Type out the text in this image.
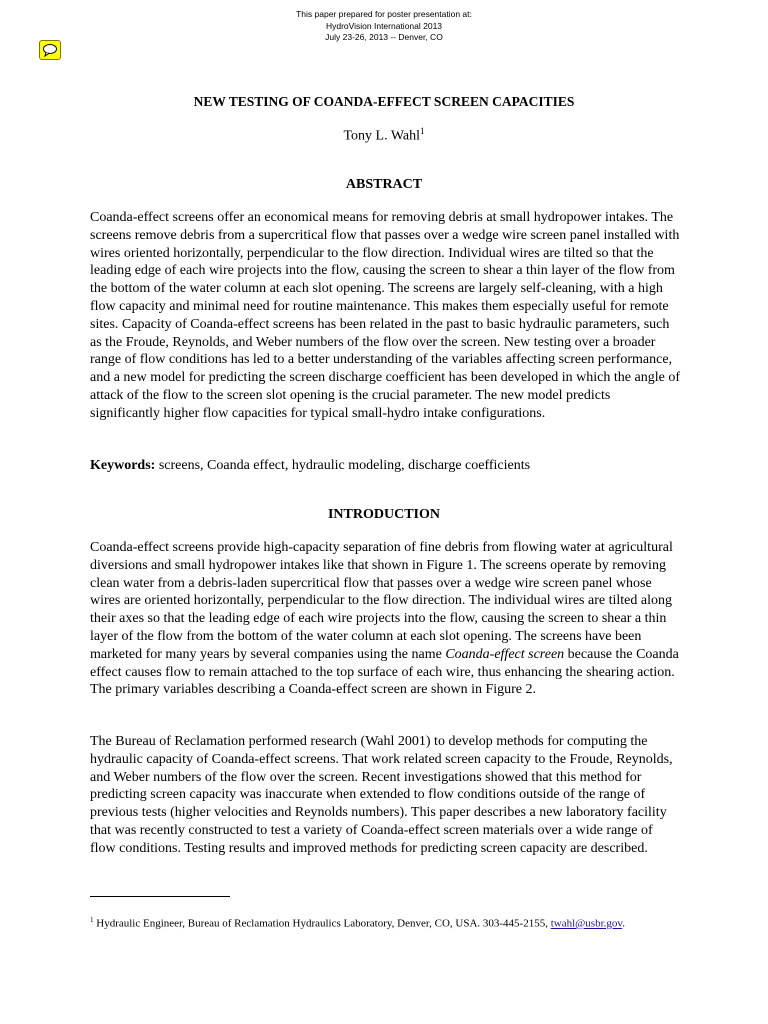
This paper prepared for poster presentation at:
HydroVision International 2013
July 23-26, 2013 -- Denver, CO
NEW TESTING OF COANDA-EFFECT SCREEN CAPACITIES
Tony L. Wahl$^1$
ABSTRACT
Coanda-effect screens offer an economical means for removing debris at small hydropower intakes. The screens remove debris from a supercritical flow that passes over a wedge wire screen panel installed with wires oriented horizontally, perpendicular to the flow direction. Individual wires are tilted so that the leading edge of each wire projects into the flow, causing the screen to shear a thin layer of the flow from the bottom of the water column at each slot opening. The screens are largely self-cleaning, with a high flow capacity and minimal need for routine maintenance. This makes them especially useful for remote sites. Capacity of Coanda-effect screens has been related in the past to basic hydraulic parameters, such as the Froude, Reynolds, and Weber numbers of the flow over the screen. New testing over a broader range of flow conditions has led to a better understanding of the variables affecting screen performance, and a new model for predicting the screen discharge coefficient has been developed in which the angle of attack of the flow to the screen slot opening is the crucial parameter. The new model predicts significantly higher flow capacities for typical small-hydro intake configurations.
Keywords: screens, Coanda effect, hydraulic modeling, discharge coefficients
INTRODUCTION
Coanda-effect screens provide high-capacity separation of fine debris from flowing water at agricultural diversions and small hydropower intakes like that shown in Figure 1. The screens operate by removing clean water from a debris-laden supercritical flow that passes over a wedge wire screen panel whose wires are oriented horizontally, perpendicular to the flow direction. The individual wires are tilted along their axes so that the leading edge of each wire projects into the flow, causing the screen to shear a thin layer of the flow from the bottom of the water column at each slot opening. The screens have been marketed for many years by several companies using the name Coanda-effect screen because the Coanda effect causes flow to remain attached to the top surface of each wire, thus enhancing the shearing action. The primary variables describing a Coanda-effect screen are shown in Figure 2.
The Bureau of Reclamation performed research (Wahl 2001) to develop methods for computing the hydraulic capacity of Coanda-effect screens. That work related screen capacity to the Froude, Reynolds, and Weber numbers of the flow over the screen. Recent investigations showed that this method for predicting screen capacity was inaccurate when extended to flow conditions outside of the range of previous tests (higher velocities and Reynolds numbers). This paper describes a new laboratory facility that was recently constructed to test a variety of Coanda-effect screen materials over a wide range of flow conditions. Testing results and improved methods for predicting screen capacity are described.
$^1$ Hydraulic Engineer, Bureau of Reclamation Hydraulics Laboratory, Denver, CO, USA. 303-445-2155, twahl@usbr.gov.
